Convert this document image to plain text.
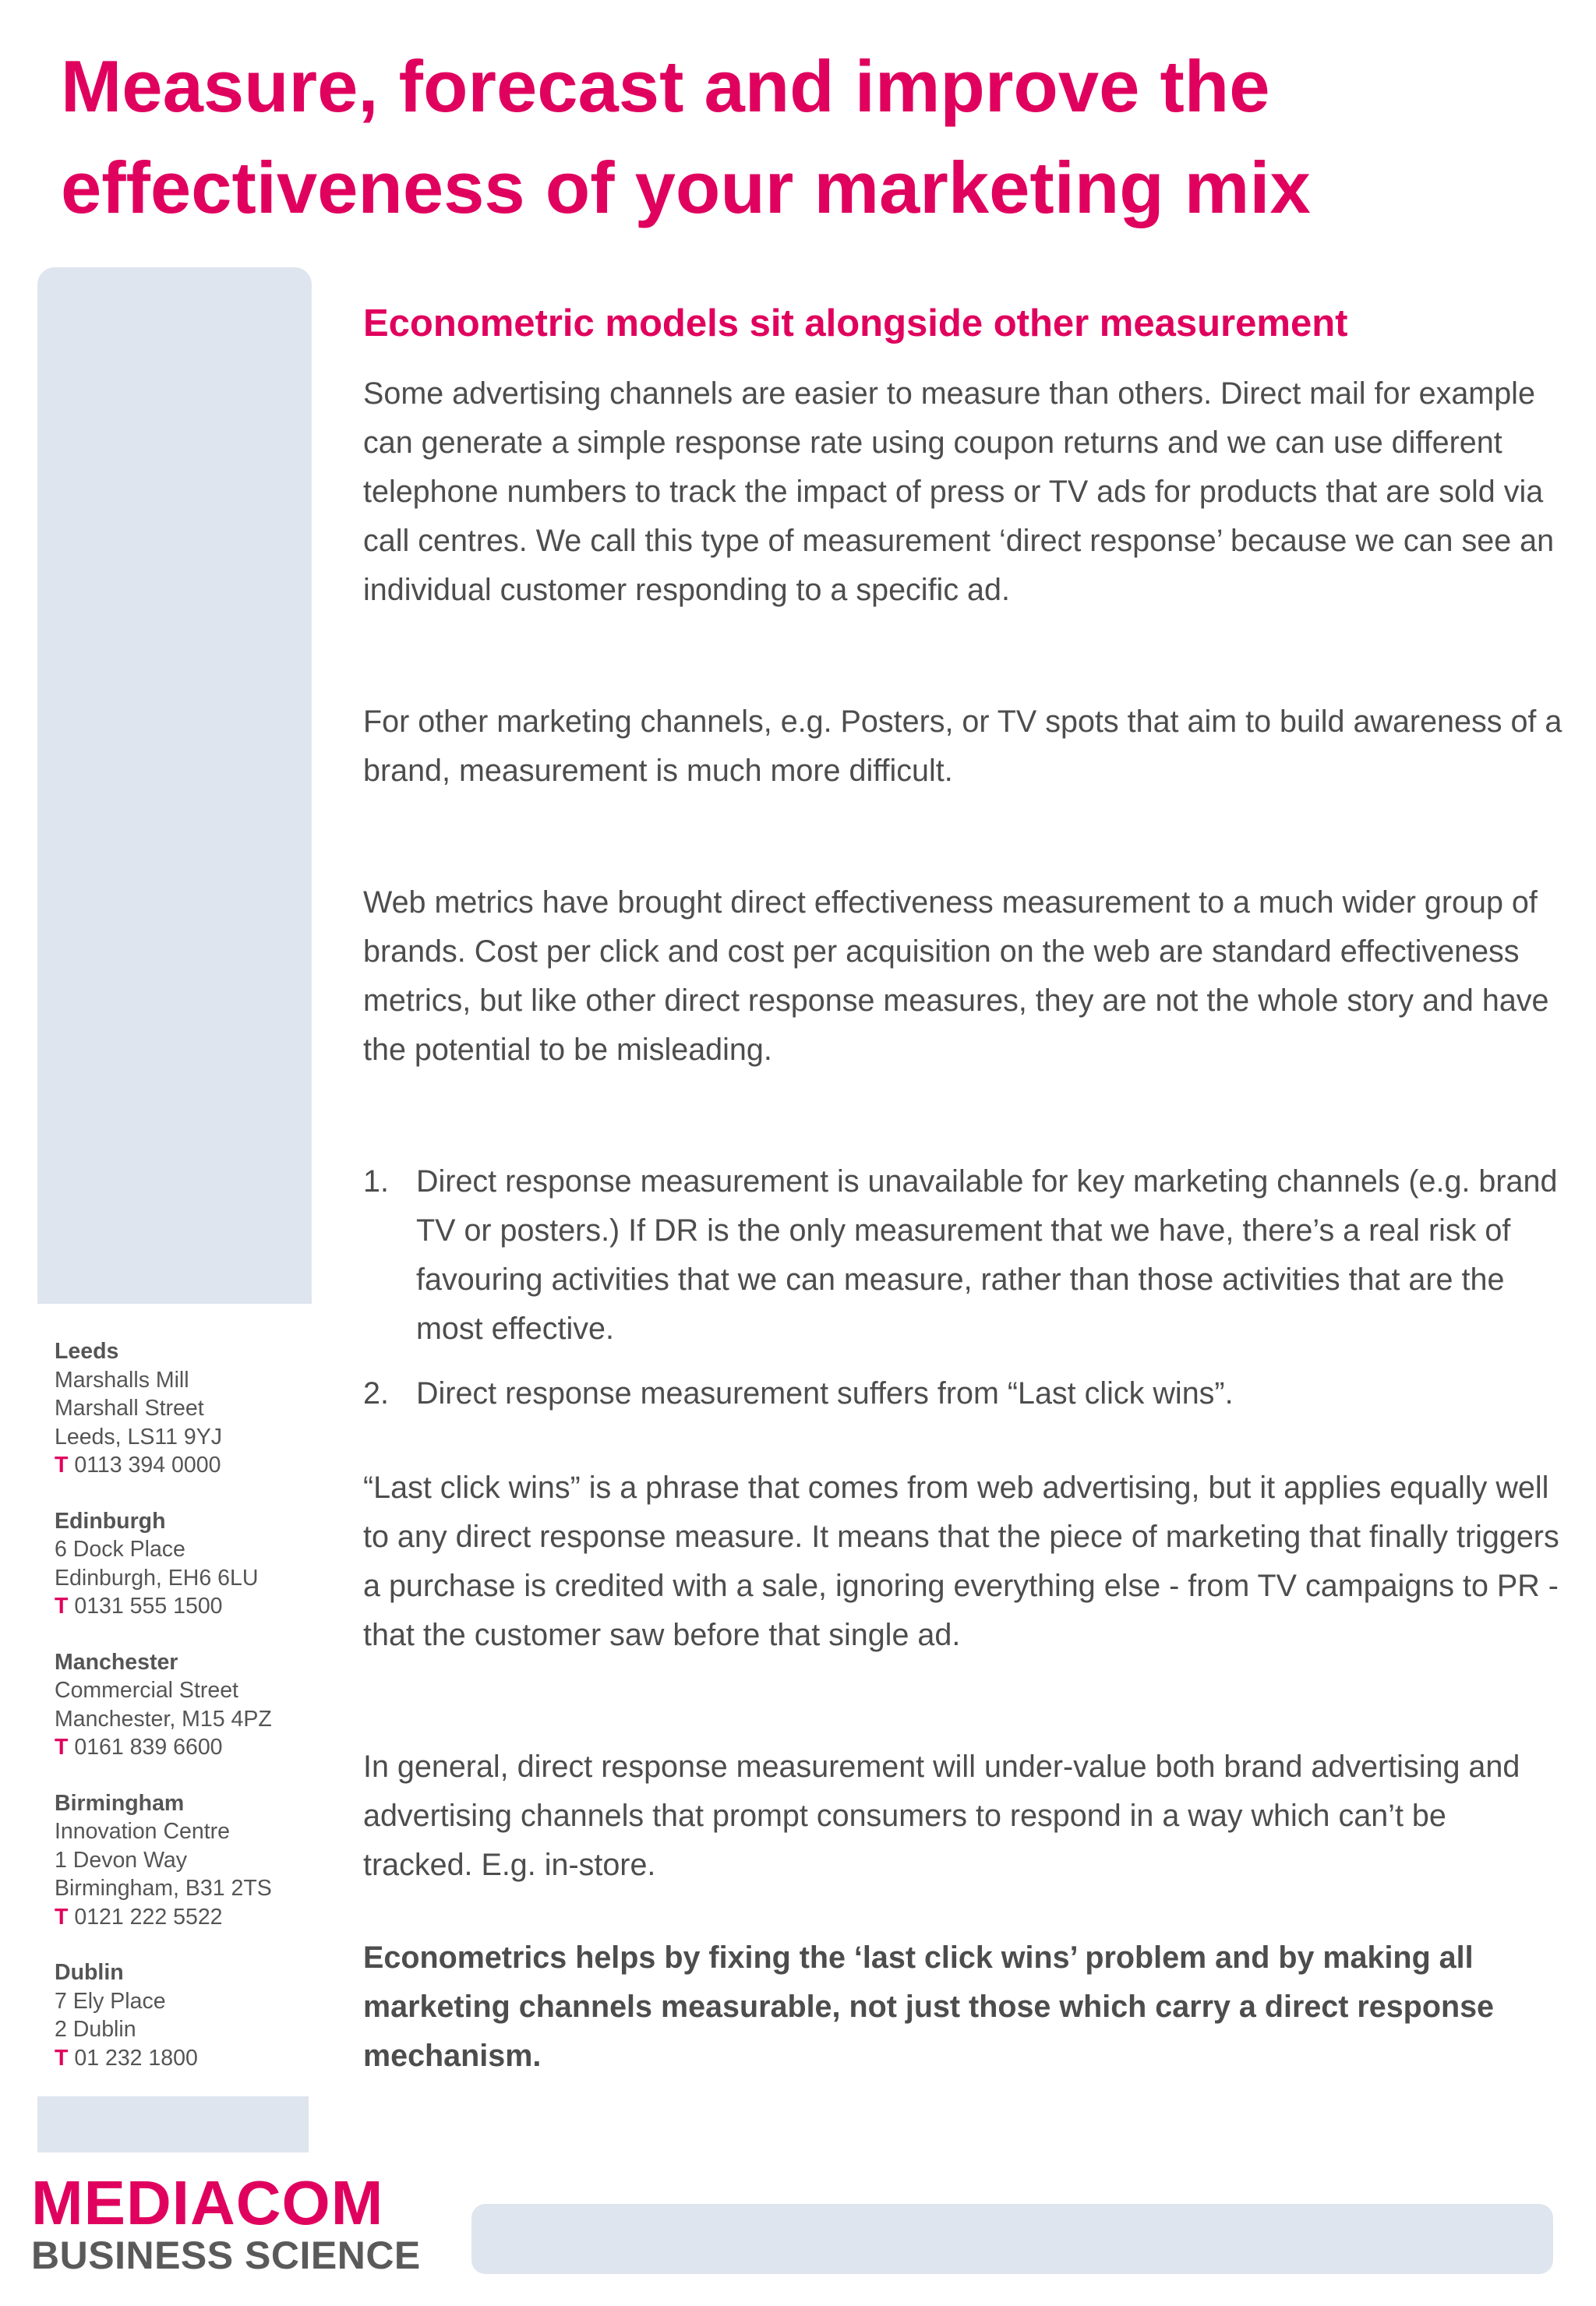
Measure, forecast and improve the effectiveness of your marketing mix
Leeds
Marshalls Mill
Marshall Street
Leeds, LS11 9YJ
T 0113 394 0000
Edinburgh
6 Dock Place
Edinburgh, EH6 6LU
T 0131 555 1500
Manchester
Commercial Street
Manchester, M15 4PZ
T 0161 839 6600
Birmingham
Innovation Centre
1 Devon Way
Birmingham, B31 2TS
T 0121 222 5522
Dublin
7 Ely Place
2 Dublin
T 01 232 1800
MEDIACOM
BUSINESS SCIENCE
Econometric models sit alongside other measurement

Some advertising channels are easier to measure than others. Direct mail for example can generate a simple response rate using coupon returns and we can use different telephone numbers to track the impact of press or TV ads for products that are sold via call centres. We call this type of measurement ‘direct response’ because we can see an individual customer responding to a specific ad.

For other marketing channels, e.g. Posters, or TV spots that aim to build awareness of a brand, measurement is much more difficult.

Web metrics have brought direct effectiveness measurement to a much wider group of brands. Cost per click and cost per acquisition on the web are standard effectiveness metrics, but like other direct response measures, they are not the whole story and have the potential to be misleading.

1. Direct response measurement is unavailable for key marketing channels (e.g. brand TV or posters.) If DR is the only measurement that we have, there’s a real risk of favouring activities that we can measure, rather than those activities that are the most effective.
2. Direct response measurement suffers from “Last click wins”.

“Last click wins” is a phrase that comes from web advertising, but it applies equally well to any direct response measure. It means that the piece of marketing that finally triggers a purchase is credited with a sale, ignoring everything else - from TV campaigns to PR - that the customer saw before that single ad.

In general, direct response measurement will under-value both brand advertising and advertising channels that prompt consumers to respond in a way which can’t be tracked. E.g. in-store.

Econometrics helps by fixing the ‘last click wins’ problem and by making all marketing channels measurable, not just those which carry a direct response mechanism.
